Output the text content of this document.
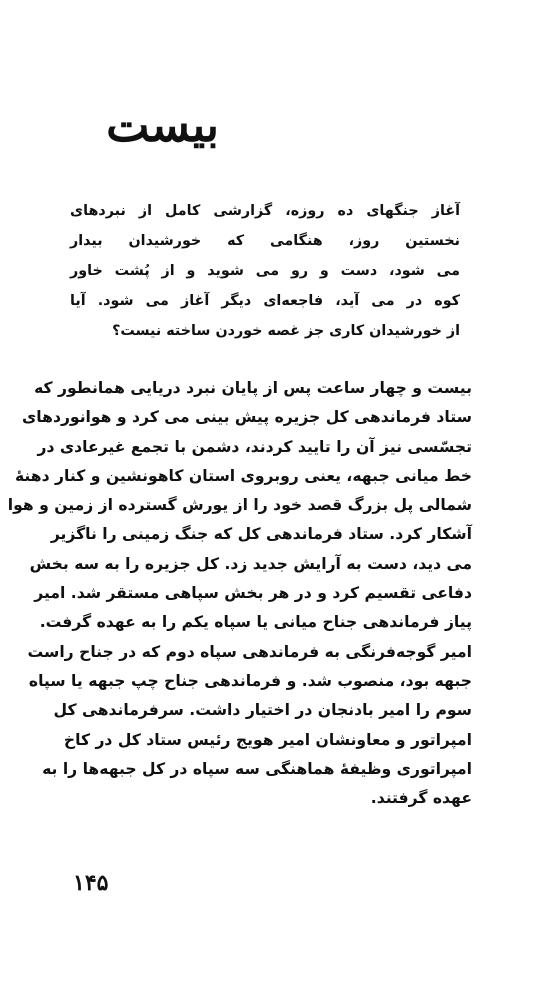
بیست
آغاز جنگهای ده روزه، گزارشی کامل از نبردهای
نخستین روز، هنگامی که خورشیدان بیدار
می شود، دست و رو می شوید و از پُشت خاور
کوه در می آید، فاجعه‌ای دیگر آغاز می شود. آیا
از خورشیدان کاری جز غصه خوردن ساخته نیست؟
بیست و چهار ساعت پس از پایان نبرد دریایی همانطور که
ستاد فرماندهی کل جزیره پیش بینی می کرد و هوانوردهای
تجسّسی نیز آن را تایید کردند، دشمن با تجمع غیرعادی در
خط میانی جبهه، یعنی روبروی استان کاهونشین و کنار دهنهٔ
شمالی پل بزرگ قصد خود را از یورش گسترده از زمین و هوا
آشکار کرد. ستاد فرماندهی کل که جنگ زمینی را ناگزیر
می دید، دست به آرایش جدید زد. کل جزیره را به سه بخش
دفاعی تقسیم کرد و در هر بخش سپاهی مستقر شد. امیر
پیاز فرماندهی جناح میانی یا سپاه یکم را به عهده گرفت.
امیر گوجه‌فرنگی به فرماندهی سپاه دوم که در جناح راست
جبهه بود، منصوب شد. و فرماندهی جناح چپ جبهه یا سپاه
سوم را امیر بادنجان در اختیار داشت. سرفرماندهی کل
امپراتور و معاونشان امیر هویج رئیس ستاد کل در کاخ
امپراتوری وظیفهٔ هماهنگی سه سپاه در کل جبهه‌ها را به
عهده گرفتند.
۱۴۵
